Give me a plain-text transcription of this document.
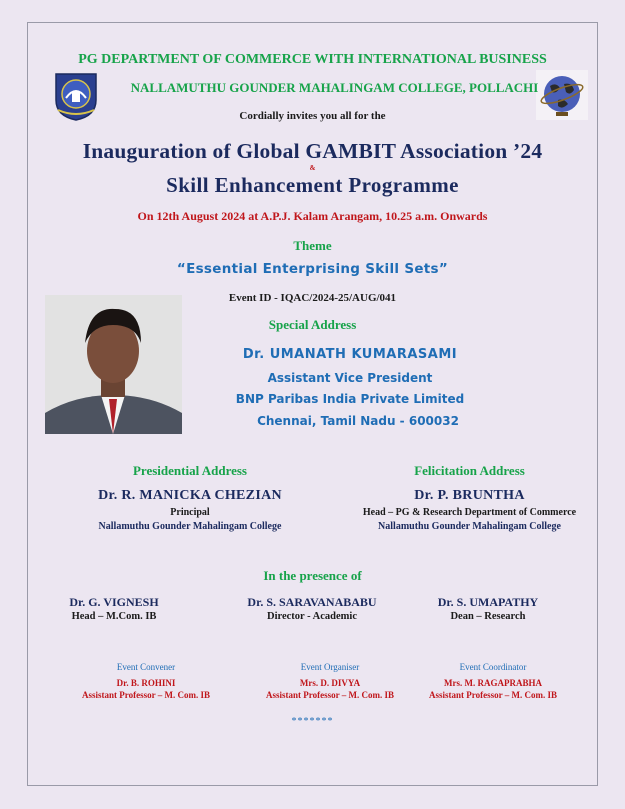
PG DEPARTMENT OF COMMERCE WITH INTERNATIONAL BUSINESS
NALLAMUTHU GOUNDER MAHALINGAM COLLEGE, POLLACHI
Cordially invites you all for the
Inauguration of Global GAMBIT Association ’24
&
Skill Enhancement Programme
On 12th August 2024 at A.P.J. Kalam Arangam, 10.25 a.m. Onwards
Theme
“Essential Enterprising Skill Sets”
Event ID - IQAC/2024-25/AUG/041
Special Address
Dr. UMANATH KUMARASAMI
Assistant Vice President
BNP Paribas India Private Limited
Chennai, Tamil Nadu - 600032
Presidential Address
Dr. R. MANICKA CHEZIAN
Principal
Nallamuthu Gounder Mahalingam College
Felicitation Address
Dr. P. BRUNTHA
Head – PG & Research Department of Commerce
Nallamuthu Gounder Mahalingam College
In the presence of
Dr. G. VIGNESH
Head – M.Com. IB
Dr. S. SARAVANABABU
Director - Academic
Dr. S. UMAPATHY
Dean – Research
Event Convener
Dr. B. ROHINI
Assistant Professor – M. Com. IB
Event Organiser
Mrs. D. DIVYA
Assistant Professor – M. Com. IB
Event Coordinator
Mrs. M. RAGAPRABHA
Assistant Professor – M. Com. IB
*******
